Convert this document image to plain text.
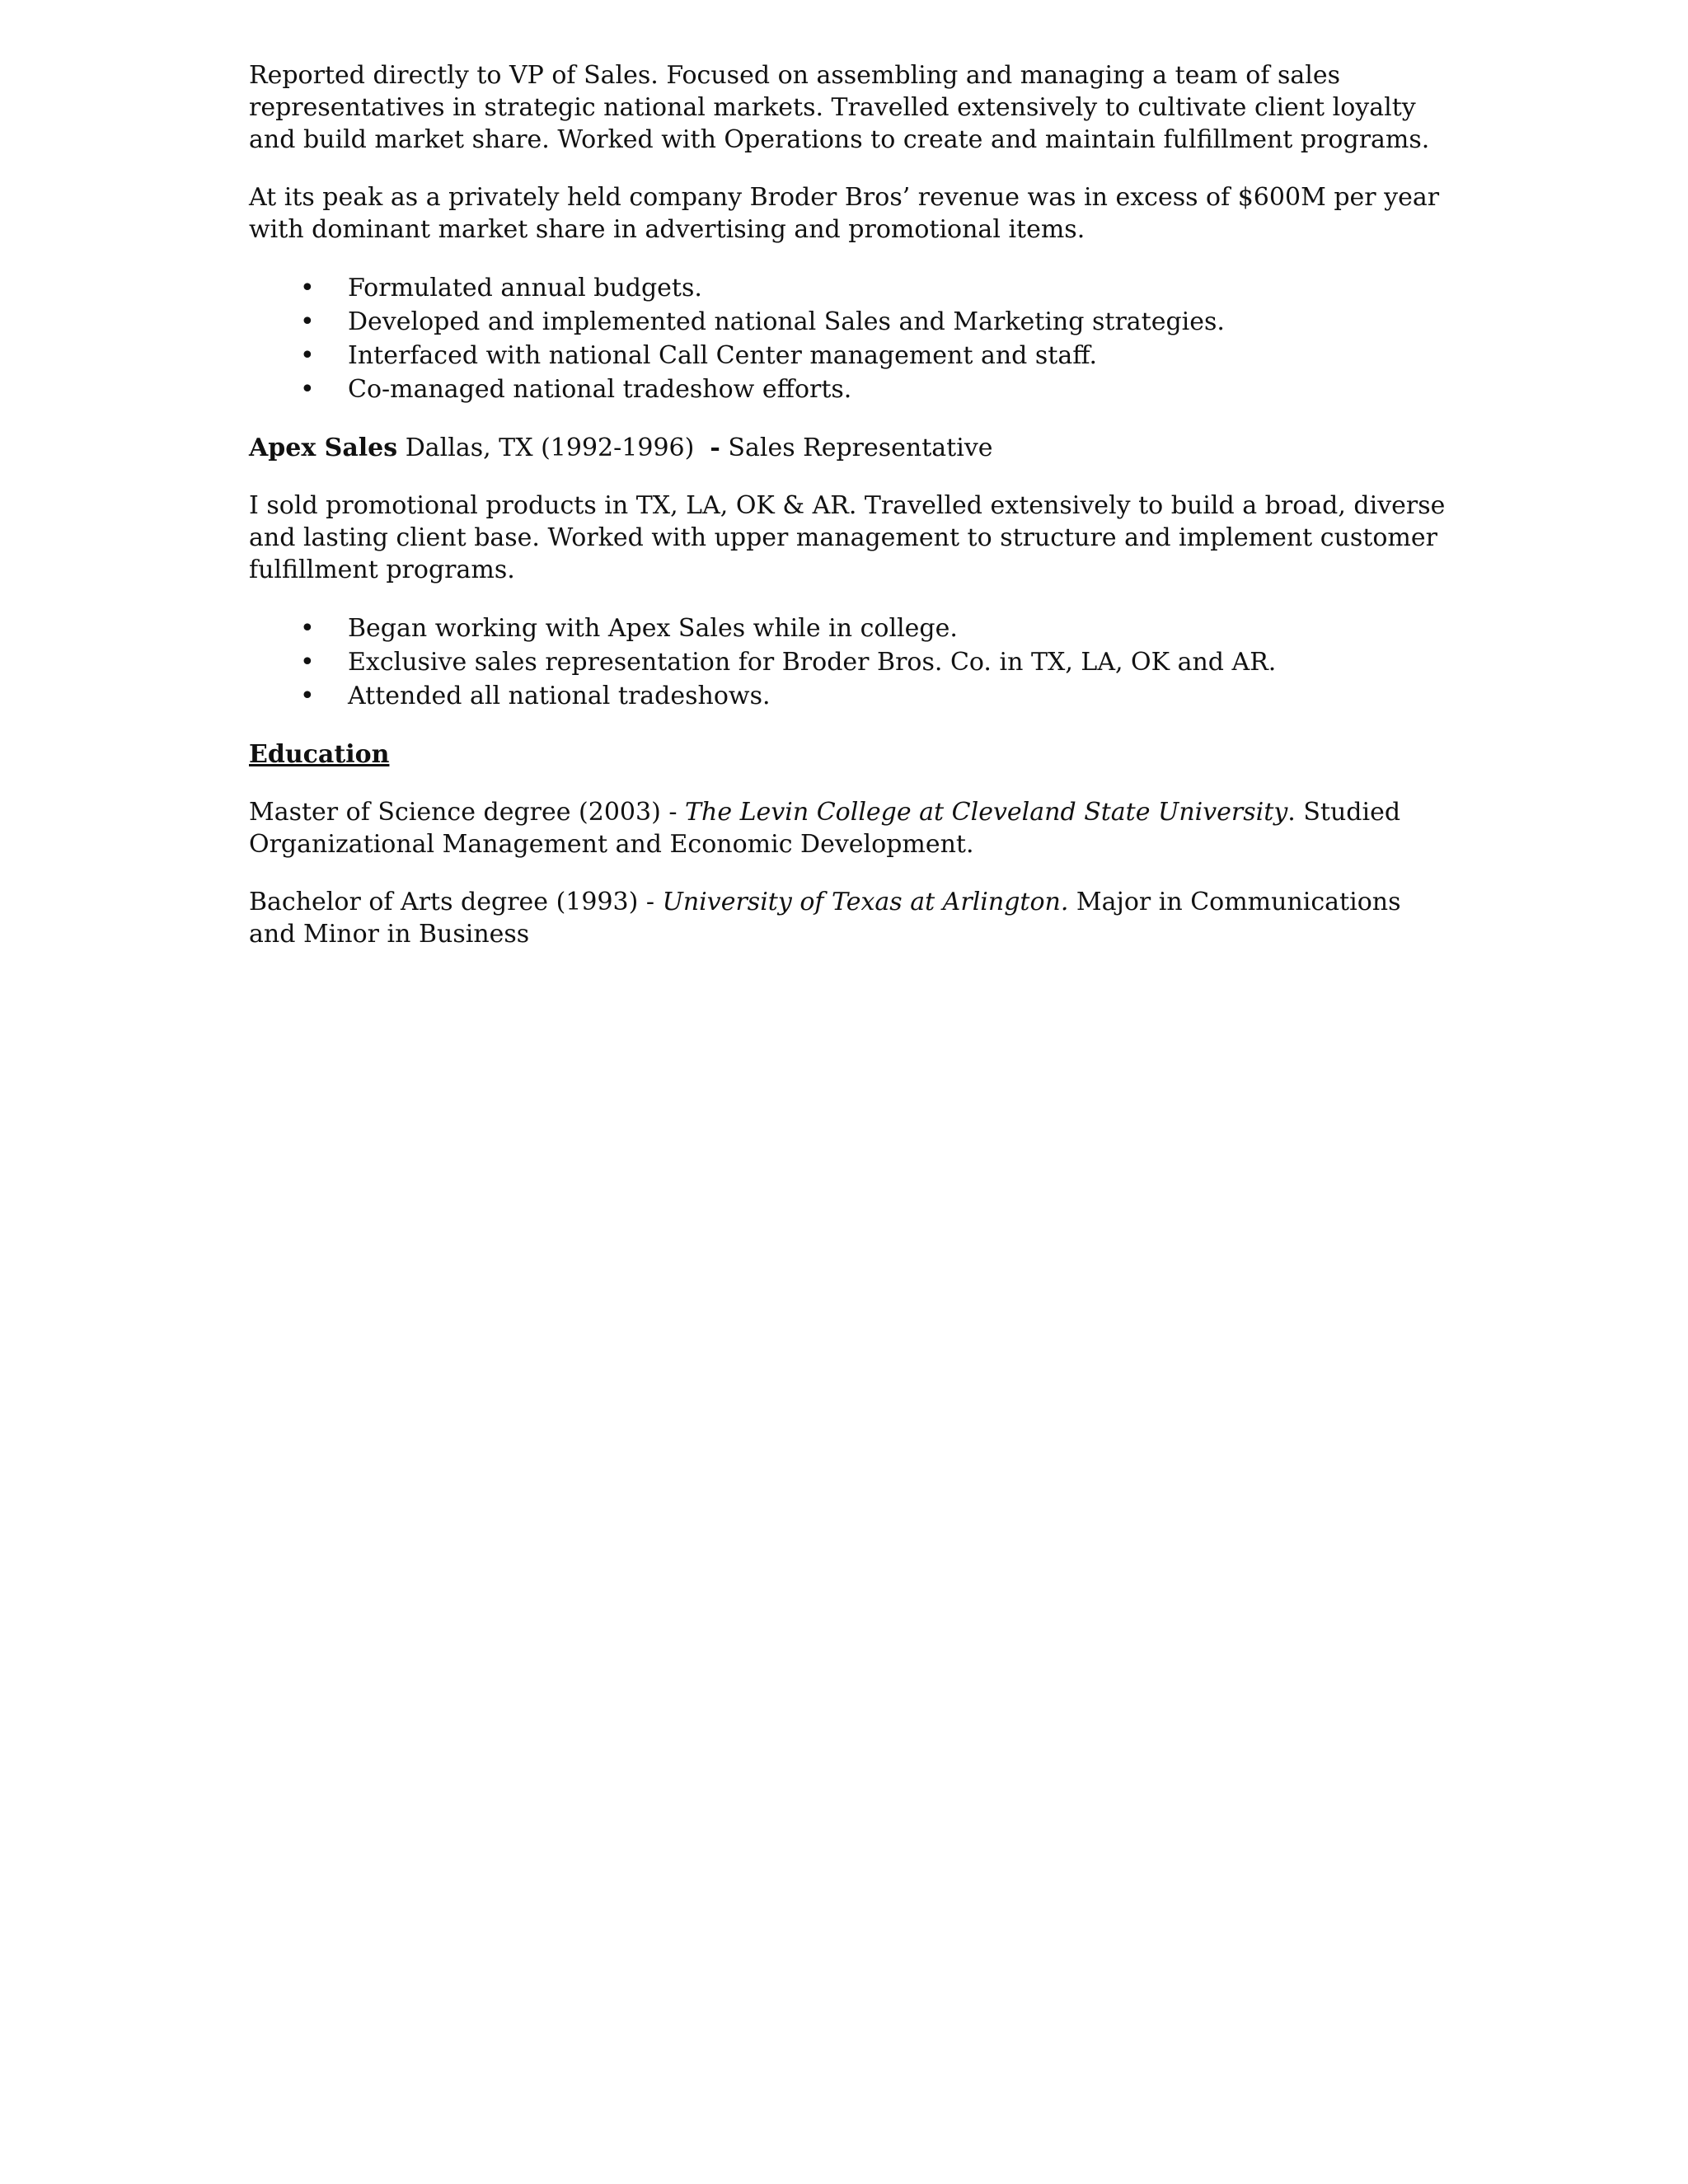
Reported directly to VP of Sales. Focused on assembling and managing a team of sales representatives in strategic national markets. Travelled extensively to cultivate client loyalty and build market share. Worked with Operations to create and maintain fulfillment programs.

At its peak as a privately held company Broder Bros’ revenue was in excess of $600M per year with dominant market share in advertising and promotional items.

• Formulated annual budgets.
• Developed and implemented national Sales and Marketing strategies.
• Interfaced with national Call Center management and staff.
• Co-managed national tradeshow efforts.

Apex Sales Dallas, TX (1992-1996) - Sales Representative

I sold promotional products in TX, LA, OK & AR. Travelled extensively to build a broad, diverse and lasting client base. Worked with upper management to structure and implement customer fulfillment programs.

• Began working with Apex Sales while in college.
• Exclusive sales representation for Broder Bros. Co. in TX, LA, OK and AR.
• Attended all national tradeshows.

Education

Master of Science degree (2003) - The Levin College at Cleveland State University. Studied Organizational Management and Economic Development.

Bachelor of Arts degree (1993) - University of Texas at Arlington. Major in Communications and Minor in Business
